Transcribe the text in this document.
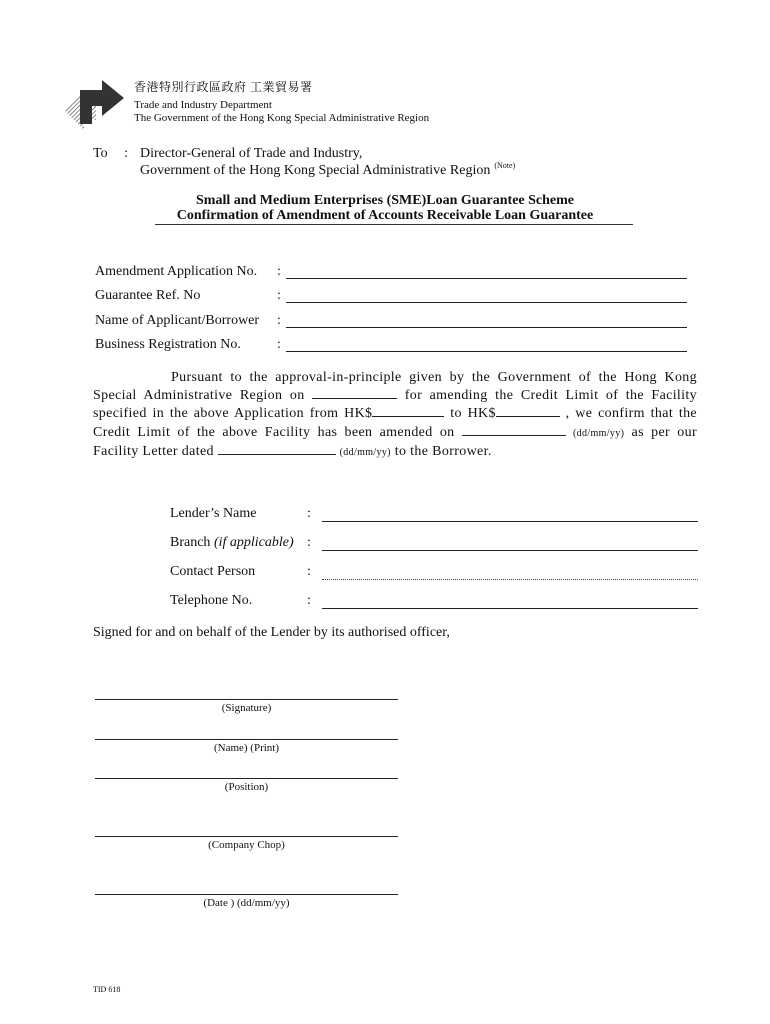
香港特別行政區政府 工業貿易署
Trade and Industry Department
The Government of the Hong Kong Special Administrative Region
To : Director-General of Trade and Industry,
Government of the Hong Kong Special Administrative Region $^{(Note)}$
Small and Medium Enterprises (SME)Loan Guarantee Scheme
Confirmation of Amendment of Accounts Receivable Loan Guarantee
Amendment Application No. :
Guarantee Ref. No	:
Name of Applicant/Borrower :
Business Registration No.	:
Pursuant to the approval-in-principle given by the Government of the Hong Kong Special Administrative Region on	for amending the Credit Limit of the Facility specified in the above Application from HK$	to HK$	, we confirm that the Credit Limit of the above Facility has been amended on	(dd/mm/yy) as per our Facility Letter dated	(dd/mm/yy) to the Borrower.
Lender’s Name	:
Branch (if applicable) :
Contact Person	:
Telephone No.	:
Signed for and on behalf of the Lender by its authorised officer,
(Signature)
(Name) (Print)
(Position)
(Company Chop)
(Date ) (dd/mm/yy)
TID 618
